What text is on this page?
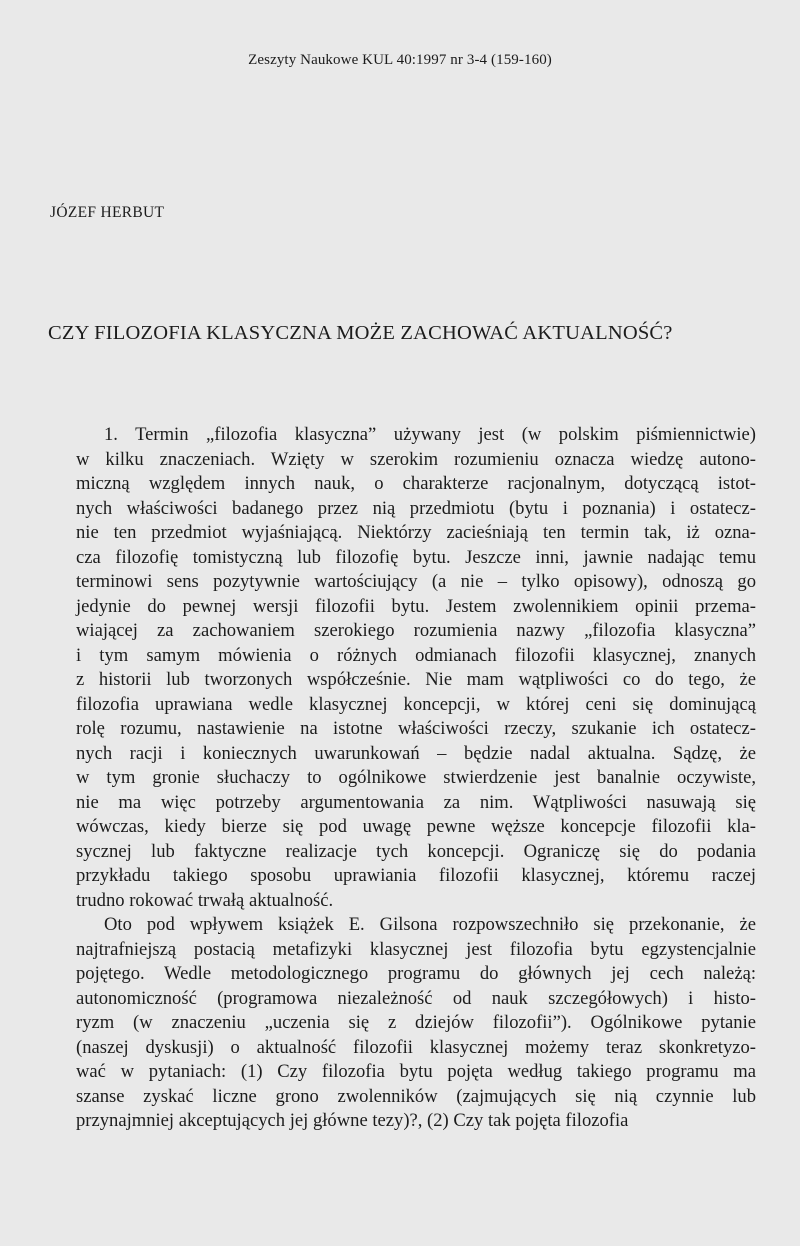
Zeszyty Naukowe KUL 40:1997 nr 3-4 (159-160)
JÓZEF HERBUT
CZY FILOZOFIA KLASYCZNA MOŻE ZACHOWAĆ AKTUALNOŚĆ?
1. Termin „filozofia klasyczna” używany jest (w polskim piśmiennictwie)
w kilku znaczeniach. Wzięty w szerokim rozumieniu oznacza wiedzę autono-
miczną względem innych nauk, o charakterze racjonalnym, dotyczącą istot-
nych właściwości badanego przez nią przedmiotu (bytu i poznania) i ostatecz-
nie ten przedmiot wyjaśniającą. Niektórzy zacieśniają ten termin tak, iż ozna-
cza filozofię tomistyczną lub filozofię bytu. Jeszcze inni, jawnie nadając temu
terminowi sens pozytywnie wartościujący (a nie – tylko opisowy), odnoszą go
jedynie do pewnej wersji filozofii bytu. Jestem zwolennikiem opinii przema-
wiającej za zachowaniem szerokiego rozumienia nazwy „filozofia klasyczna”
i tym samym mówienia o różnych odmianach filozofii klasycznej, znanych
z historii lub tworzonych współcześnie. Nie mam wątpliwości co do tego, że
filozofia uprawiana wedle klasycznej koncepcji, w której ceni się dominującą
rolę rozumu, nastawienie na istotne właściwości rzeczy, szukanie ich ostatecz-
nych racji i koniecznych uwarunkowań – będzie nadal aktualna. Sądzę, że
w tym gronie słuchaczy to ogólnikowe stwierdzenie jest banalnie oczywiste,
nie ma więc potrzeby argumentowania za nim. Wątpliwości nasuwają się
wówczas, kiedy bierze się pod uwagę pewne węższe koncepcje filozofii kla-
sycznej lub faktyczne realizacje tych koncepcji. Ograniczę się do podania
przykładu takiego sposobu uprawiania filozofii klasycznej, któremu raczej
trudno rokować trwałą aktualność.
Oto pod wpływem książek E. Gilsona rozpowszechniło się przekonanie, że
najtrafniejszą postacią metafizyki klasycznej jest filozofia bytu egzystencjalnie
pojętego. Wedle metodologicznego programu do głównych jej cech należą:
autonomiczność (programowa niezależność od nauk szczegółowych) i histo-
ryzm (w znaczeniu „uczenia się z dziejów filozofii”). Ogólnikowe pytanie
(naszej dyskusji) o aktualność filozofii klasycznej możemy teraz skonkretyzo-
wać w pytaniach: (1) Czy filozofia bytu pojęta według takiego programu ma
szanse zyskać liczne grono zwolenników (zajmujących się nią czynnie lub
przynajmniej akceptujących jej główne tezy)?, (2) Czy tak pojęta filozofia
